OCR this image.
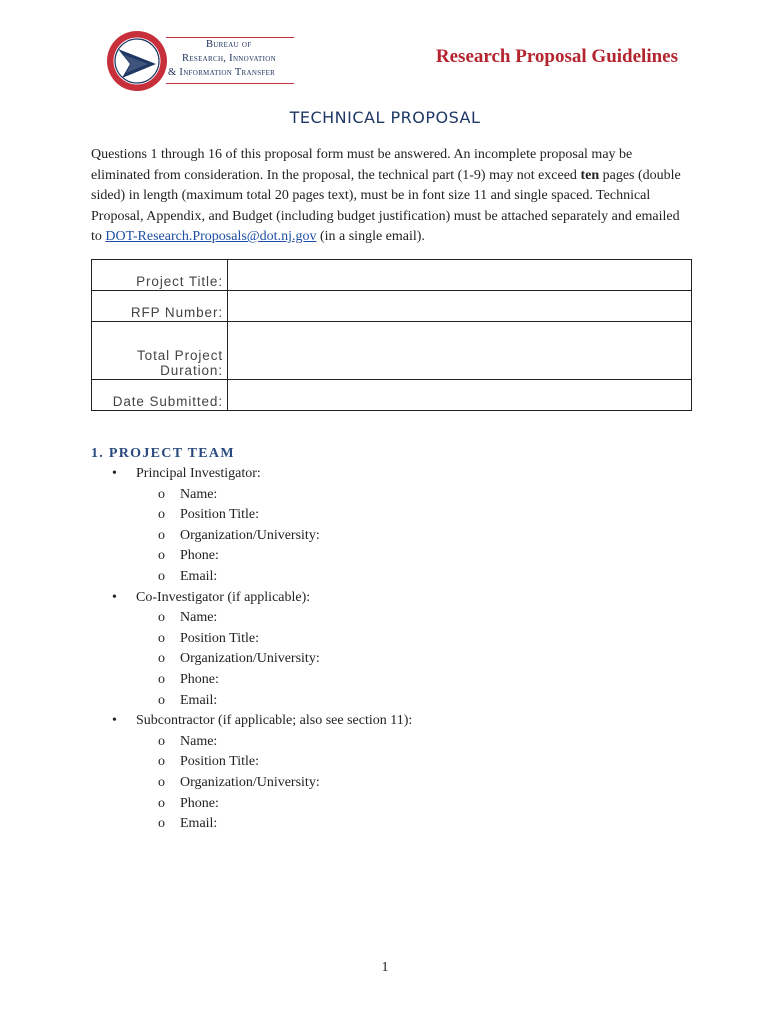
Bureau of
Research, Innovation
& Information Transfer
Research Proposal Guidelines
TECHNICAL PROPOSAL
Questions 1 through 16 of this proposal form must be answered. An incomplete proposal may be eliminated from consideration. In the proposal, the technical part (1-9) may not exceed ten pages (double sided) in length (maximum total 20 pages text), must be in font size 11 and single spaced. Technical Proposal, Appendix, and Budget (including budget justification) must be attached separately and emailed to DOT-Research.Proposals@dot.nj.gov (in a single email).
Project Title:	
RFP Number:	

Total Project
Duration:	

Date Submitted:	
1. PROJECT TEAM
• Principal Investigator:
o Name:
o Position Title:
o Organization/University:
o Phone:
o Email:
• Co-Investigator (if applicable):
o Name:
o Position Title:
o Organization/University:
o Phone:
o Email:
• Subcontractor (if applicable; also see section 11):
o Name:
o Position Title:
o Organization/University:
o Phone:
o Email:
1
